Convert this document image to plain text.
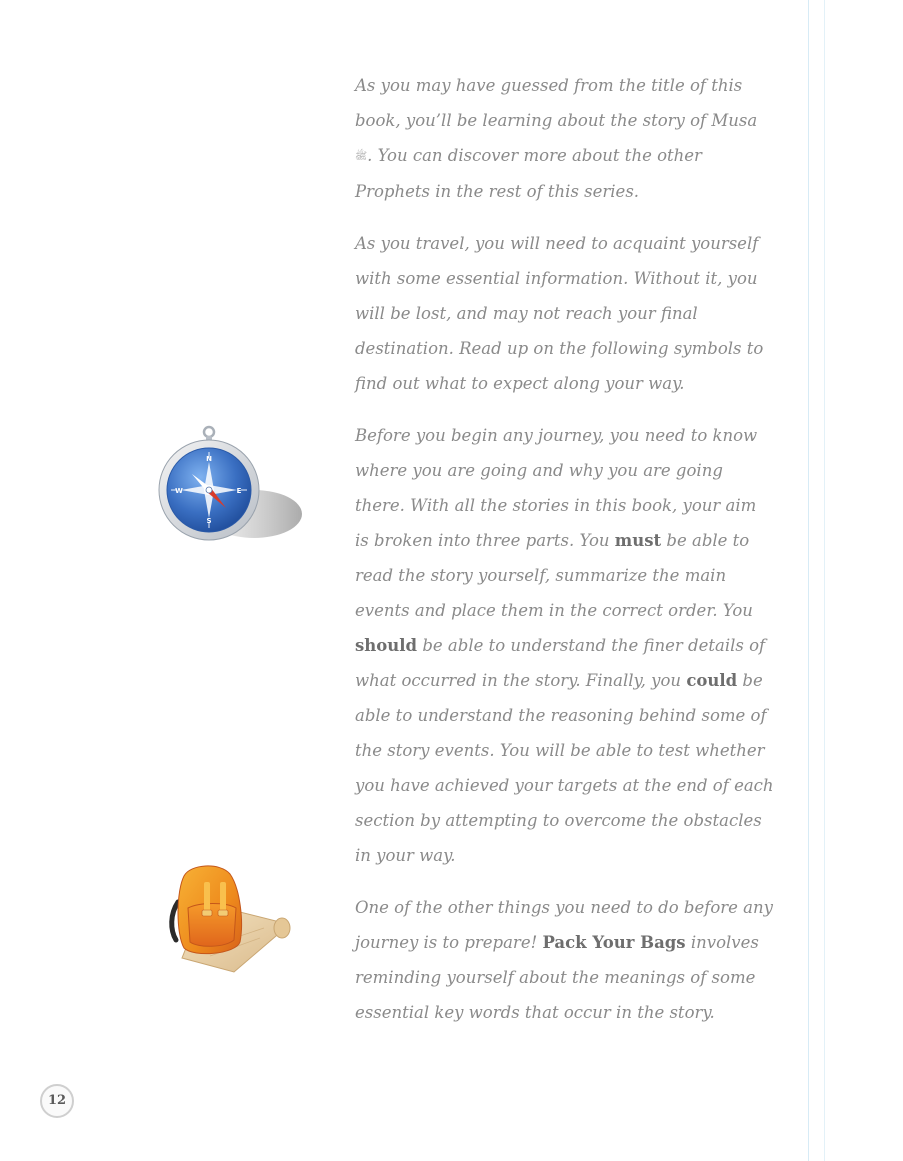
As you may have guessed from the title of this book, you’ll be learning about the story of Musaﷺ. You can discover more about the other Prophets in the rest of this series.

As you travel, you will need to acquaint yourself with some essential information. Without it, you will be lost, and may not reach your final destination. Read up on the following symbols to find out what to expect along your way.

Before you begin any journey, you need to know where you are going and why you are going there. With all the stories in this book, your aim is broken into three parts. You must be able to read the story yourself, summarize the main events and place them in the correct order. You should be able to understand the finer details of what occurred in the story. Finally, you could be able to understand the reasoning behind some of the story events. You will be able to test whether you have achieved your targets at the end of each section by attempting to overcome the obstacles in your way.

One of the other things you need to do before any journey is to prepare! Pack Your Bags involves reminding yourself about the meanings of some essential key words that occur in the story.

N
S
W	E
12
